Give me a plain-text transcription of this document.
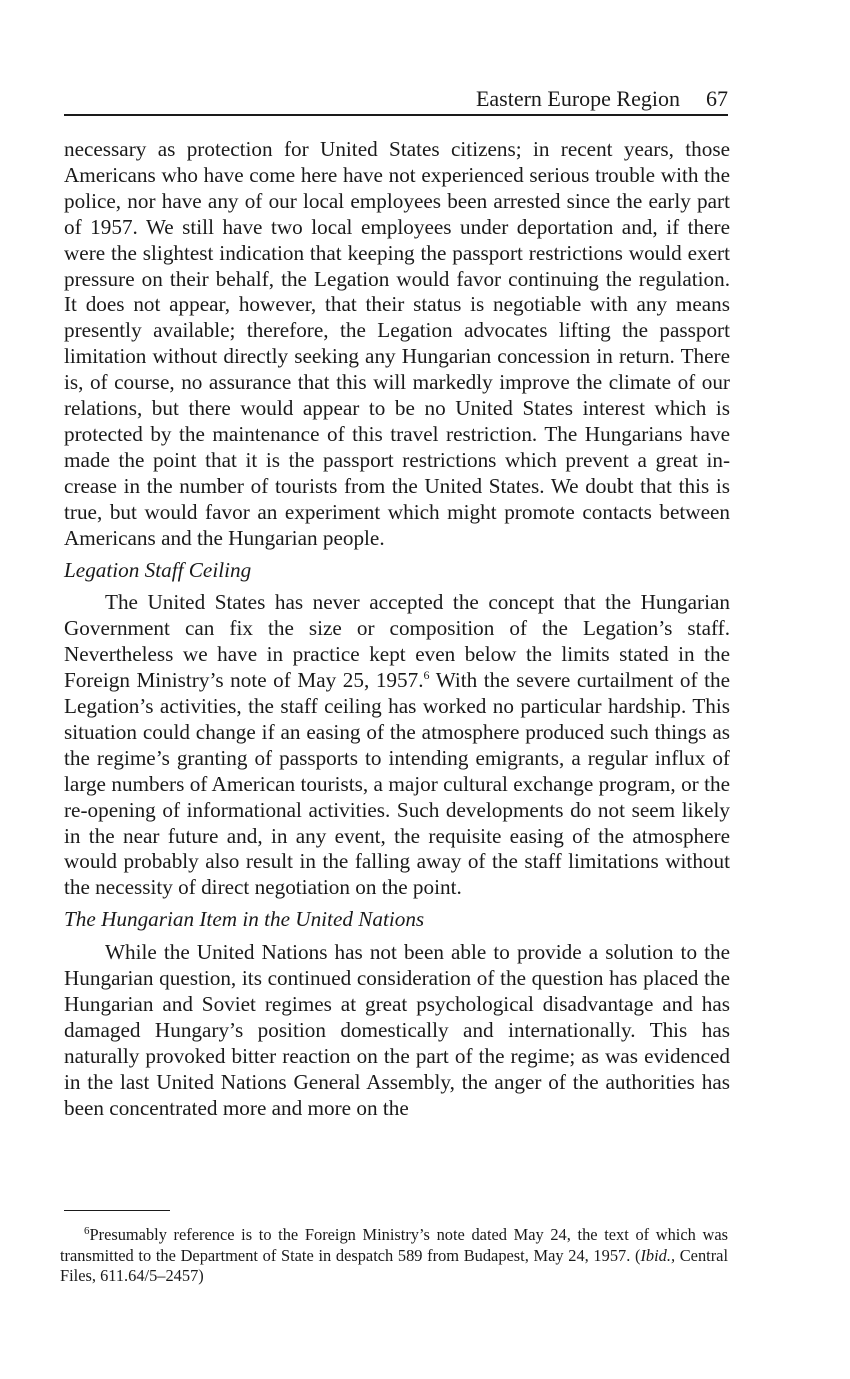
Eastern Europe Region 67

necessary as protection for United States citizens; in recent years, those Americans who have come here have not experienced serious trouble with the police, nor have any of our local employees been arrested since the early part of 1957. We still have two local employees under deportation and, if there were the slightest indication that keeping the passport restrictions would exert pressure on their behalf, the Legation would favor continuing the regulation. It does not appear, however, that their status is negotiable with any means presently available; therefore, the Legation advocates lifting the passport limitation without directly seeking any Hungarian concession in return. There is, of course, no assurance that this will markedly improve the climate of our relations, but there would appear to be no United States interest which is protected by the maintenance of this travel restriction. The Hungarians have made the point that it is the passport restrictions which prevent a great increase in the number of tourists from the United States. We doubt that this is true, but would favor an experiment which might promote contacts between Americans and the Hungarian people.

Legation Staff Ceiling

The United States has never accepted the concept that the Hungarian Government can fix the size or composition of the Legation’s staff. Nevertheless we have in practice kept even below the limits stated in the Foreign Ministry’s note of May 25, 1957.$^6$ With the severe curtailment of the Legation’s activities, the staff ceiling has worked no particular hardship. This situation could change if an easing of the atmosphere produced such things as the regime’s granting of passports to intending emigrants, a regular influx of large numbers of American tourists, a major cultural exchange program, or the re-opening of informational activities. Such developments do not seem likely in the near future and, in any event, the requisite easing of the atmosphere would probably also result in the falling away of the staff limitations without the necessity of direct negotiation on the point.

The Hungarian Item in the United Nations

While the United Nations has not been able to provide a solution to the Hungarian question, its continued consideration of the question has placed the Hungarian and Soviet regimes at great psychological disadvantage and has damaged Hungary’s position domestically and internationally. This has naturally provoked bitter reaction on the part of the regime; as was evidenced in the last United Nations General Assembly, the anger of the authorities has been concentrated more and more on the

$^6$Presumably reference is to the Foreign Ministry’s note dated May 24, the text of which was transmitted to the Department of State in despatch 589 from Budapest, May 24, 1957. (Ibid., Central Files, 611.64/5–2457)
